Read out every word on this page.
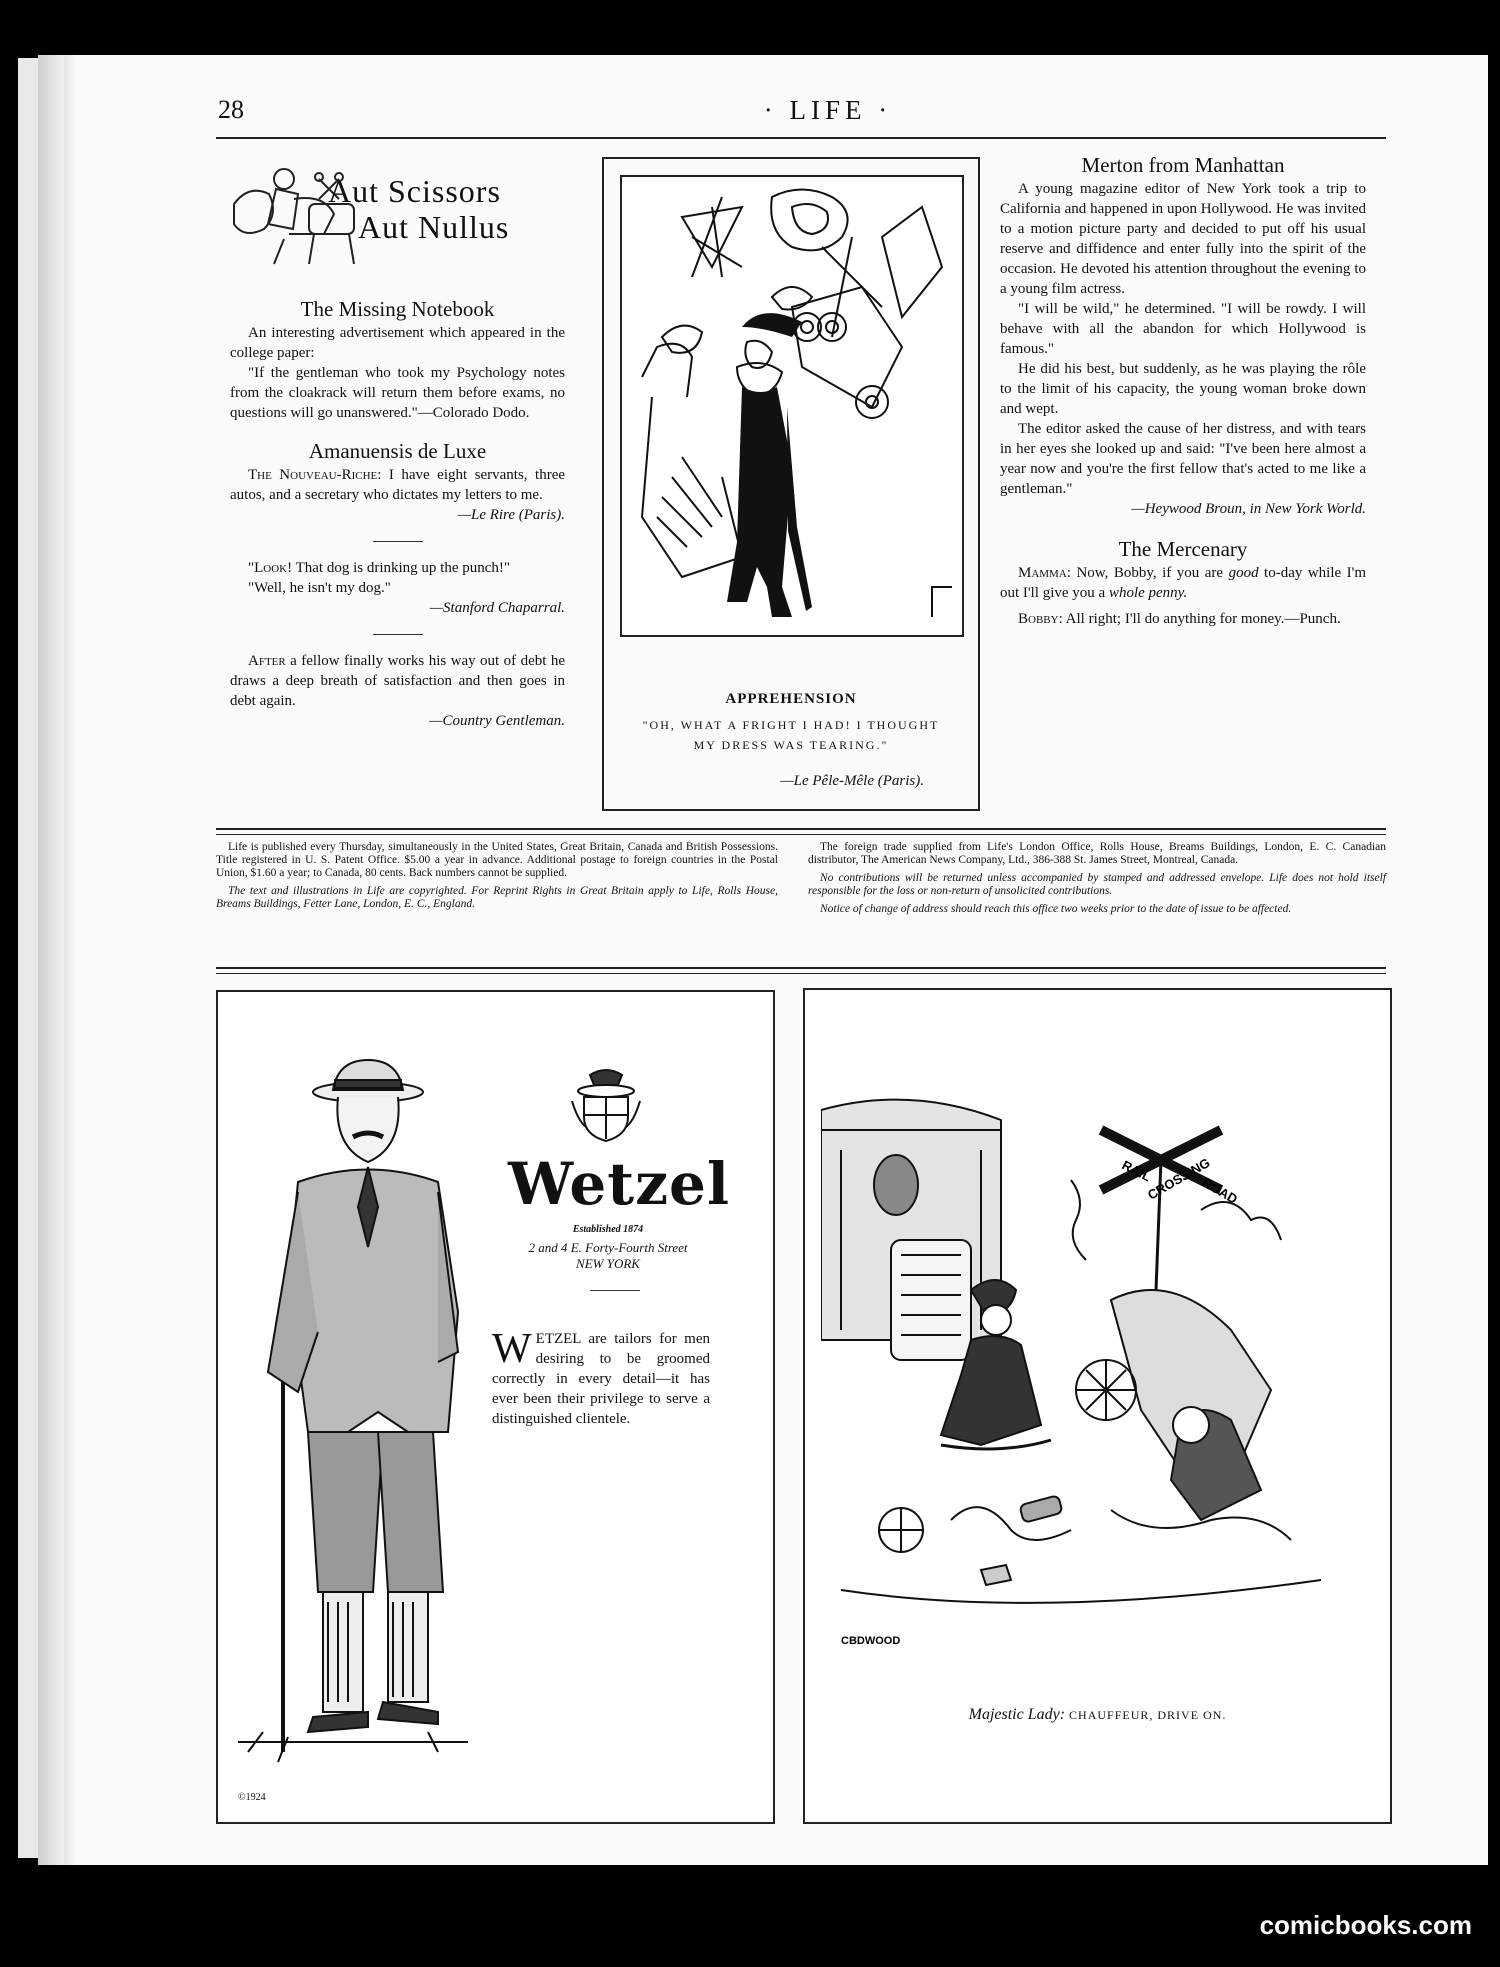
28	· LIFE ·
Aut Scissors
Aut Nullus
The Missing Notebook

An interesting advertisement which appeared in the college paper:

"If the gentleman who took my Psychology notes from the cloakrack will return them before exams, no questions will go unanswered."—Colorado Dodo.

Amanuensis de Luxe

The Nouveau-Riche: I have eight servants, three autos, and a secretary who dictates my letters to me.

—Le Rire (Paris).

"Look! That dog is drinking up the punch!"

"Well, he isn't my dog."

—Stanford Chaparral.

After a fellow finally works his way out of debt he draws a deep breath of satisfaction and then goes in debt again.

—Country Gentleman.

APPREHENSION
"OH, WHAT A FRIGHT I HAD! I THOUGHT MY DRESS WAS TEARING."
—Le Pêle-Mêle (Paris).
Merton from Manhattan

A young magazine editor of New York took a trip to California and happened in upon Hollywood. He was invited to a motion picture party and decided to put off his usual reserve and diffidence and enter fully into the spirit of the occasion. He devoted his attention throughout the evening to a young film actress.

"I will be wild," he determined. "I will be rowdy. I will behave with all the abandon for which Hollywood is famous."

He did his best, but suddenly, as he was playing the rôle to the limit of his capacity, the young woman broke down and wept.

The editor asked the cause of her distress, and with tears in her eyes she looked up and said: "I've been here almost a year now and you're the first fellow that's acted to me like a gentleman."

—Heywood Broun, in New York World.

The Mercenary

Mamma: Now, Bobby, if you are good to-day while I'm out I'll give you a whole penny.

Bobby: All right; I'll do anything for money.—Punch.

Life is published every Thursday, simultaneously in the United States, Great Britain, Canada and British Possessions. Title registered in U. S. Patent Office. $5.00 a year in advance. Additional postage to foreign countries in the Postal Union, $1.60 a year; to Canada, 80 cents. Back numbers cannot be supplied.

The text and illustrations in Life are copyrighted. For Reprint Rights in Great Britain apply to Life, Rolls House, Breams Buildings, Fetter Lane, London, E. C., England.

The foreign trade supplied from Life's London Office, Rolls House, Breams Buildings, London, E. C. Canadian distributor, The American News Company, Ltd., 386-388 St. James Street, Montreal, Canada.

No contributions will be returned unless accompanied by stamped and addressed envelope. Life does not hold itself responsible for the loss or non-return of unsolicited contributions.

Notice of change of address should reach this office two weeks prior to the date of issue to be affected.

Wetzel
Established 1874
2 and 4 E. Forty-Fourth Street
NEW YORK
WETZEL are tailors for men desiring to be groomed correctly in every detail—it has ever been their privilege to serve a distinguished clientele.
©1924
RAIL
CROSSING
ROAD
CBDWOOD
Majestic Lady: CHAUFFEUR, DRIVE ON.
comicbooks.com
